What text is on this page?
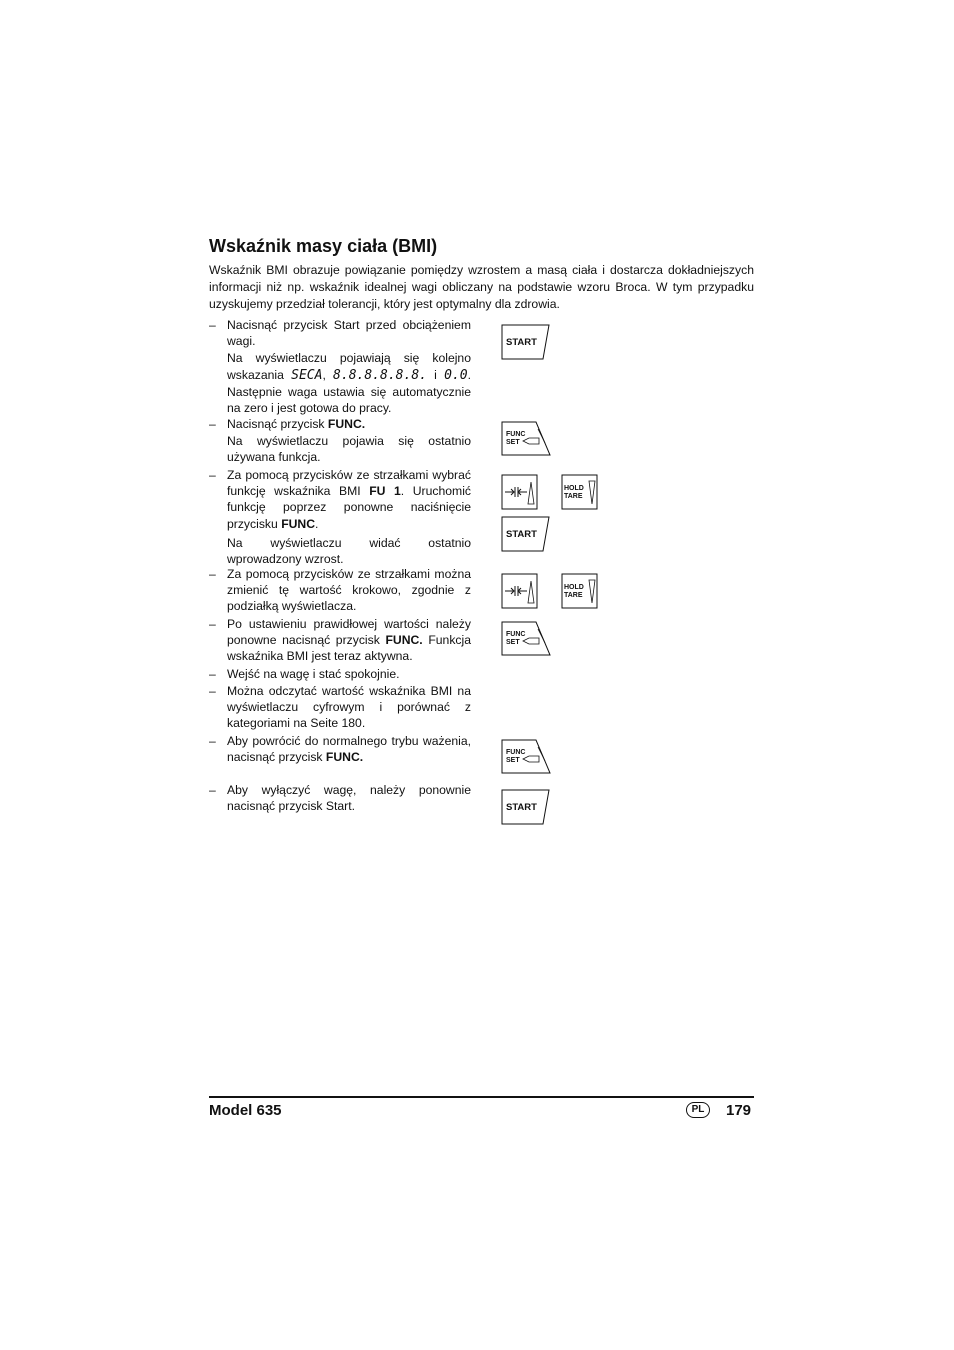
Wskaźnik masy ciała (BMI)

Wskaźnik BMI obrazuje powiązanie pomiędzy wzrostem a masą ciała i dostarcza dokładniejszych informacji niż np. wskaźnik idealnej wagi obliczany na podstawie wzoru Broca. W tym przypadku uzyskujemy przedział tolerancji, który jest optymalny dla zdrowia.

– Nacisnąć przycisk Start przed obciążeniem wagi.

Na wyświetlaczu pojawiają się kolejno wskazania SECA, 8.8.8.8.8.8. i 0.0. Następnie waga ustawia się automatycznie na zero i jest gotowa do pracy.

– Nacisnąć przycisk FUNC.

Na wyświetlaczu pojawia się ostatnio używana funkcja.

– Za pomocą przycisków ze strzałkami wybrać funkcję wskaźnika BMI FU 1. Uruchomić funkcję poprzez ponowne naciśnięcie przycisku FUNC.

Na wyświetlaczu widać ostatnio wprowadzony wzrost.

– Za pomocą przycisków ze strzałkami można zmienić tę wartość krokowo, zgodnie z podziałką wyświetlacza.

– Po ustawieniu prawidłowej wartości należy ponowne nacisnąć przycisk FUNC. Funkcja wskaźnika BMI jest teraz aktywna.

– Wejść na wagę i stać spokojnie.

– Można odczytać wartość wskaźnika BMI na wyświetlaczu cyfrowym i porównać z kategoriami na Seite 180.

– Aby powrócić do normalnego trybu ważenia, nacisnąć przycisk FUNC.

– Aby wyłączyć wagę, należy ponownie nacisnąć przycisk Start.

START
FUNC
SET
HOLD
TARE
START
HOLD
TARE
FUNC
SET
FUNC
SET
START
Model 635	PL	179
